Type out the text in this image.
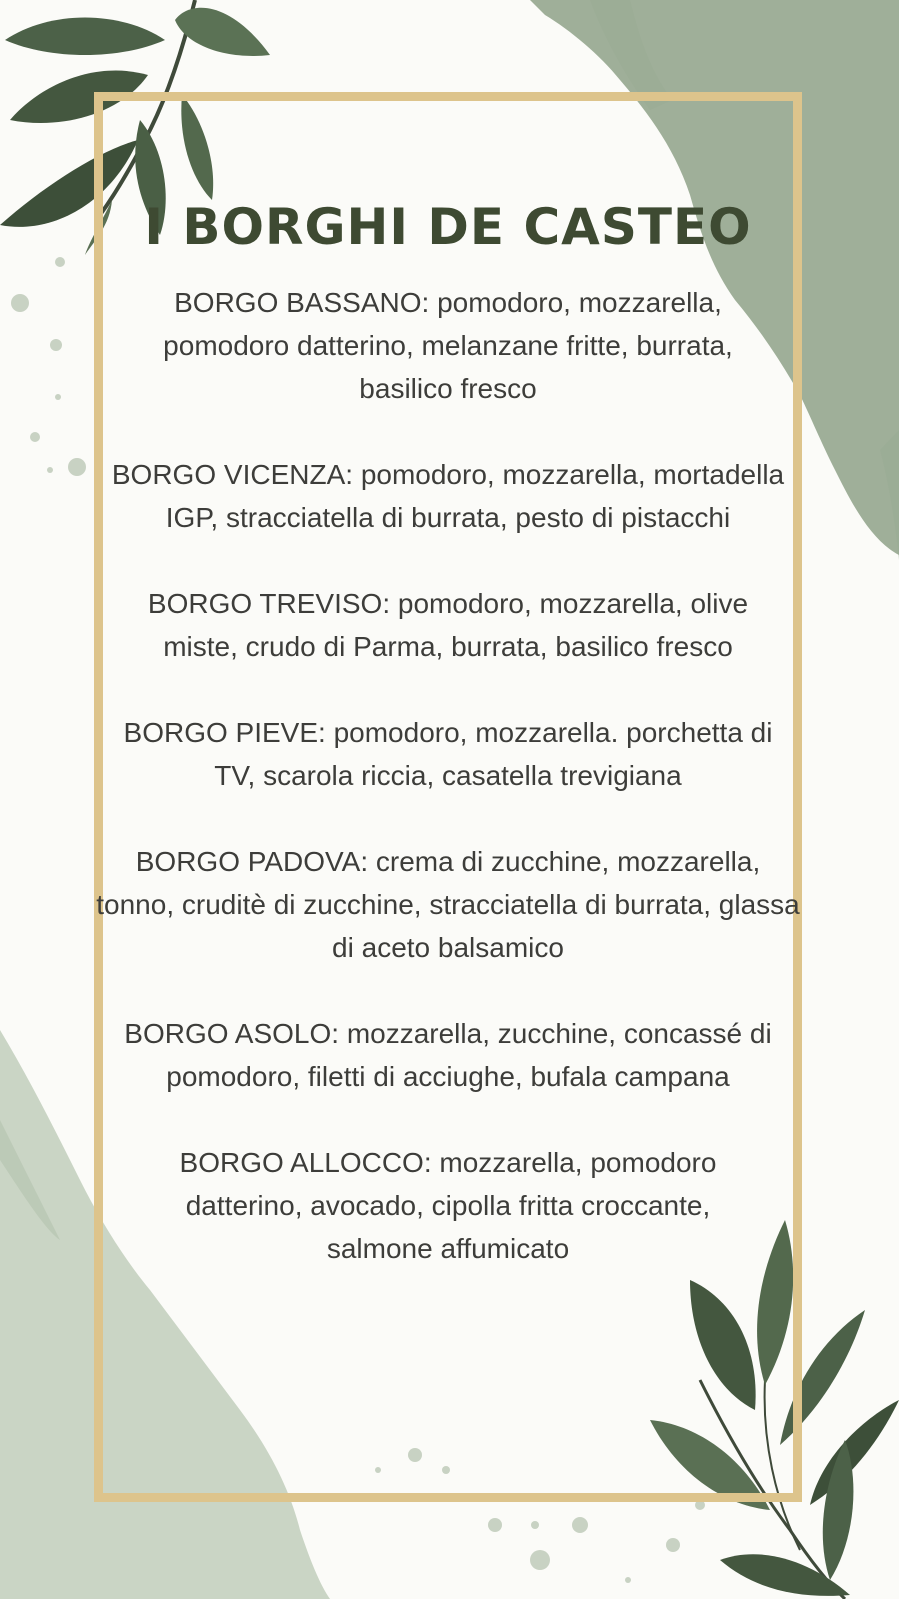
I BORGHI DE CASTEO
BORGO BASSANO: pomodoro, mozzarella, pomodoro datterino, melanzane fritte, burrata, basilico fresco
BORGO VICENZA: pomodoro, mozzarella, mortadella IGP, stracciatella di burrata, pesto di pistacchi
BORGO TREVISO: pomodoro, mozzarella, olive miste, crudo di Parma, burrata, basilico fresco
BORGO PIEVE: pomodoro, mozzarella. porchetta di TV, scarola riccia, casatella trevigiana
BORGO PADOVA: crema di zucchine, mozzarella, tonno, cruditè di zucchine, stracciatella di burrata, glassa di aceto balsamico
BORGO ASOLO: mozzarella, zucchine, concassé di pomodoro, filetti di acciughe, bufala campana
BORGO ALLOCCO: mozzarella, pomodoro datterino, avocado, cipolla fritta croccante, salmone affumicato
